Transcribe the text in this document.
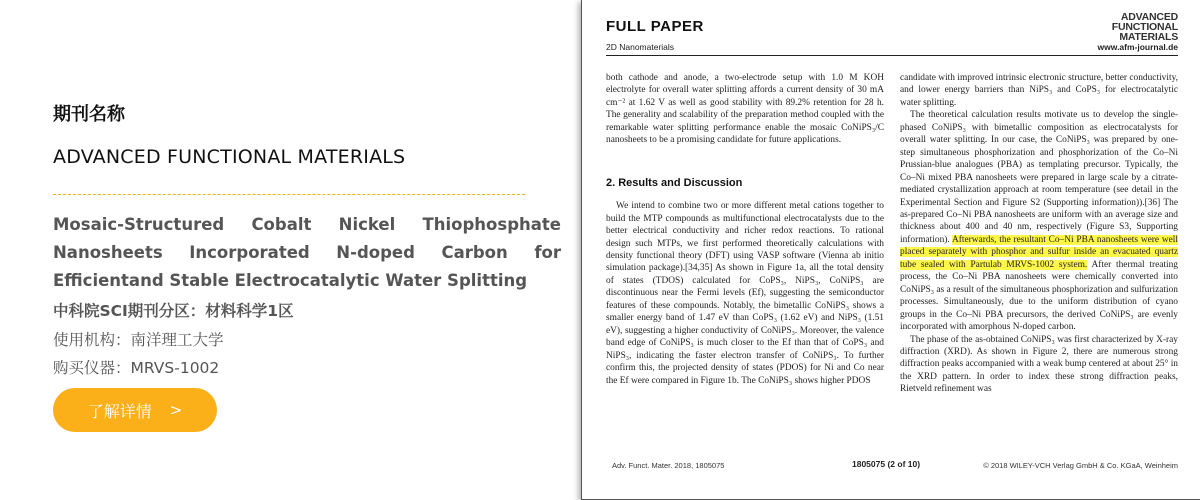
期刊名称
ADVANCED FUNCTIONAL MATERIALS
Mosaic-Structured Cobalt Nickel Thiophosphate Nanosheets Incorporated N-doped Carbon for Efficientand Stable Electrocatalytic Water Splitting
中科院SCI期刊分区：材料科学1区
使用机构：南洋理工大学
购买仪器：MRVS-1002
了解详情 >
FULL PAPER
2D Nanomaterials
ADVANCED
FUNCTIONAL
MATERIALS
www.afm-journal.de

both cathode and anode, a two-electrode setup with 1.0 M KOH electrolyte for overall water splitting affords a current density of 30 mA cm⁻² at 1.62 V as well as good stability with 89.2% retention for 28 h. The generality and scalability of the preparation method coupled with the remarkable water splitting performance enable the mosaic CoNiPS₃/C nanosheets to be a promising candidate for future applications.

2. Results and Discussion

We intend to combine two or more different metal cations together to build the MTP compounds as multifunctional electrocatalysts due to the better electrical conductivity and richer redox reactions. To rational design such MTPs, we first performed theoretically calculations with density functional theory (DFT) using VASP software (Vienna ab initio simulation package).[34,35] As shown in Figure 1a, all the total density of states (TDOS) calculated for CoPS₃, NiPS₃, CoNiPS₃ are discontinuous near the Fermi levels (Ef), suggesting the semiconductor features of these compounds. Notably, the bimetallic CoNiPS₃ shows a smaller energy band of 1.47 eV than CoPS₃ (1.62 eV) and NiPS₃ (1.51 eV), suggesting a higher conductivity of CoNiPS₃. Moreover, the valence band edge of CoNiPS₃ is much closer to the Ef than that of CoPS₃ and NiPS₃, indicating the faster electron transfer of CoNiPS₃. To further confirm this, the projected density of states (PDOS) for Ni and Co near the Ef were compared in Figure 1b. The CoNiPS₃ shows higher PDOS

candidate with improved intrinsic electronic structure, better conductivity, and lower energy barriers than NiPS₃ and CoPS₃ for electrocatalytic water splitting.

The theoretical calculation results motivate us to develop the single-phased CoNiPS₃ with bimetallic composition as electrocatalysts for overall water splitting. In our case, the CoNiPS₃ was prepared by one-step simultaneous phosphorization and phosphorization of the Co–Ni Prussian-blue analogues (PBA) as templating precursor. Typically, the Co–Ni mixed PBA nanosheets were prepared in large scale by a citrate-mediated crystallization approach at room temperature (see detail in the Experimental Section and Figure S2 (Supporting information)).[36] The as-prepared Co–Ni PBA nanosheets are uniform with an average size and thickness about 400 and 40 nm, respectively (Figure S3, Supporting information). Afterwards, the resultant Co–Ni PBA nanosheets were well placed separately with phosphor and sulfur inside an evacuated quartz tube sealed with Partulab MRVS-1002 system. After thermal treating process, the Co–Ni PBA nanosheets were chemically converted into CoNiPS₃ as a result of the simultaneous phosphorization and sulfurization processes. Simultaneously, due to the uniform distribution of cyano groups in the Co–Ni PBA precursors, the derived CoNiPS₃ are evenly incorporated with amorphous N-doped carbon.

The phase of the as-obtained CoNiPS₃ was first characterized by X-ray diffraction (XRD). As shown in Figure 2, there are numerous strong diffraction peaks accompanied with a weak bump centered at about 25° in the XRD pattern. In order to index these strong diffraction peaks, Rietveld refinement was

Adv. Funct. Mater. 2018, 1805075	1805075 (2 of 10)	© 2018 WILEY-VCH Verlag GmbH & Co. KGaA, Weinheim
